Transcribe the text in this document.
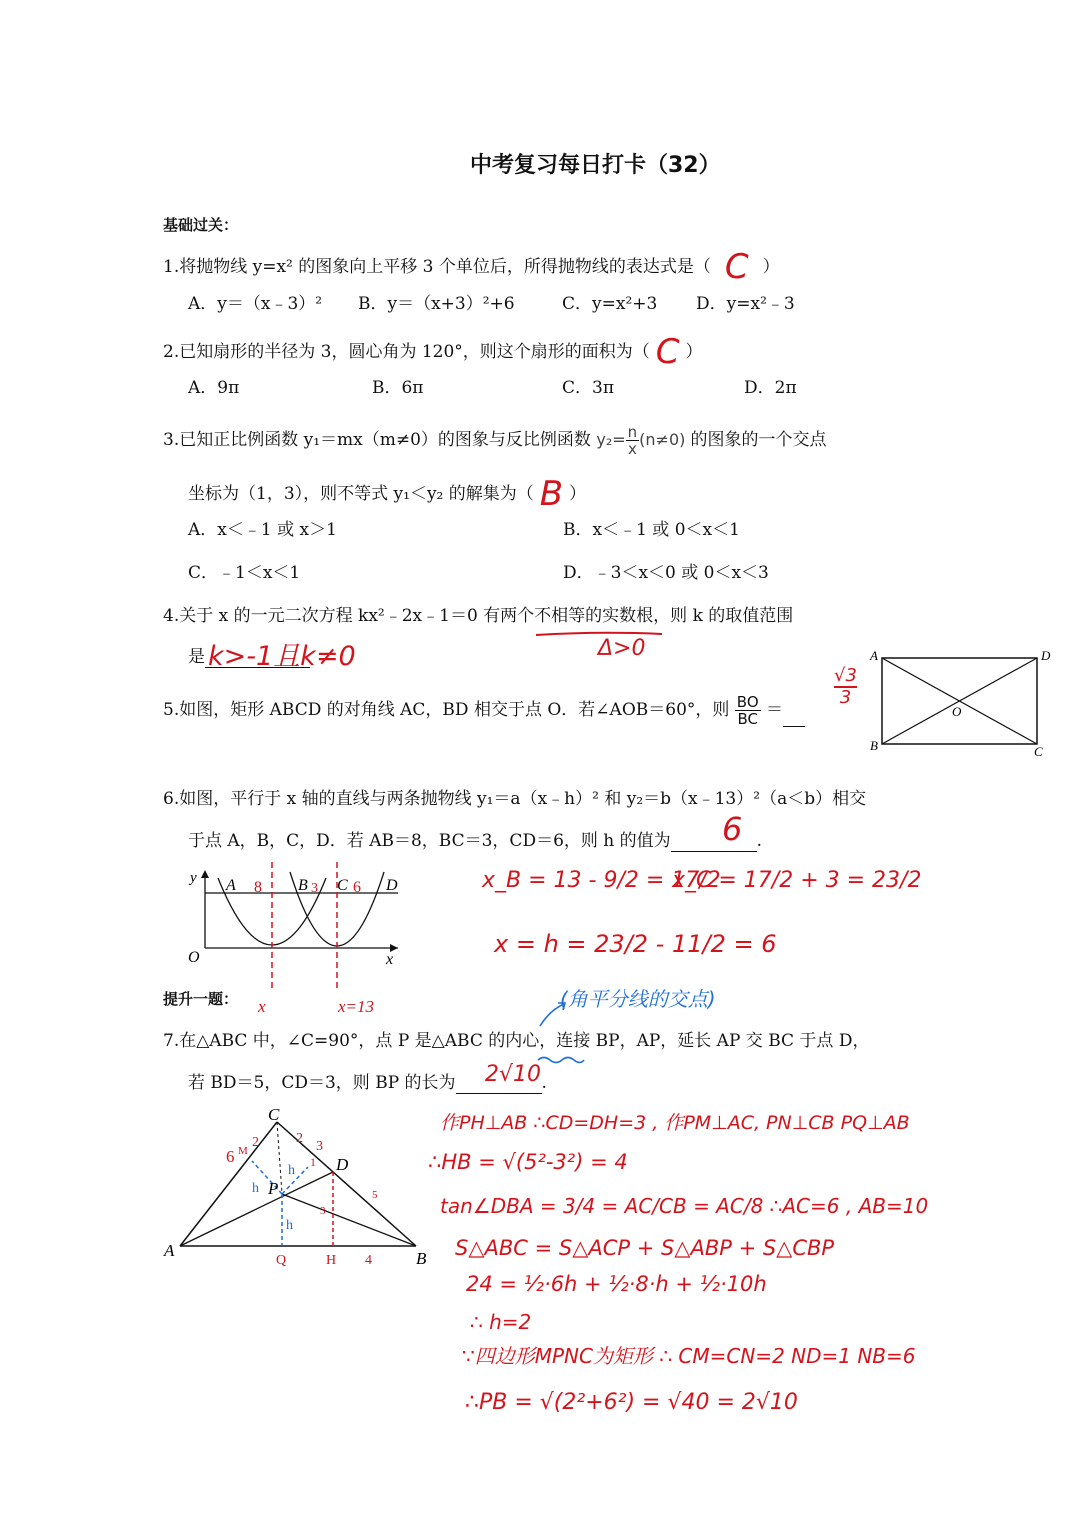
中考复习每日打卡（32）
基础过关：
1.将抛物线 y=x² 的图象向上平移 3 个单位后，所得抛物线的表达式是（ C ）
A．y＝（x﹣3）² B．y＝（x+3）²+6	C．y=x²+3 D．y=x²﹣3
2.已知扇形的半径为 3，圆心角为 120°，则这个扇形的面积为（ C ）
A．9π	B．6π	C．3π	D．2π
3.已知正比例函数 y₁＝mx（m≠0）的图象与反比例函数 $y_2= \frac{n}{x} (n\ne 0)$ 的图象的一个交点
坐标为（1，3），则不等式 y₁＜y₂ 的解集为（ B ）
A．x＜﹣1 或 x＞1	B．x＜﹣1 或 0＜x＜1
C．﹣1＜x＜1	D．﹣3＜x＜0 或 0＜x＜3
4.关于 x 的一元二次方程 kx²﹣2x﹣1＝0 有两个不相等的实数根，则 k 的取值范围
是 k>-1且k≠0	Δ>0
5.如图，矩形 ABCD 的对角线 AC，BD 相交于点 O．若∠AOB＝60°，则 $\frac{BO}{BC}$ ＝
√3
3
A	D
B	C
O
6.如图，平行于 x 轴的直线与两条抛物线 y₁＝a（x﹣h）² 和 y₂＝b（x﹣13）²（a＜b）相交
于点 A，B，C，D．若 AB＝8，BC＝3，CD＝6，则 h 的值为	.
6
y A	B C D
O	x
8	3 6
x	x=13
x_B = 13 - 9/2 = 17/2
x_C = 17/2 + 3 = 23/2
x = h = 23/2 - 11/2 = 6
提升一题：	(角平分线的交点)
7.在△ABC 中，∠C=90°，点 P 是△ABC 的内心，连接 BP，AP，延长 AP 交 BC 于点 D，
若 BD＝5，CD＝3，则 BP 的长为	.
2√10
C
D
P
A	B
6 M
2	2
3
1
h
h
h
5
3
Q	H 4
作PH⊥AB ∴CD=DH=3 , 作PM⊥AC, PN⊥CB PQ⊥AB
∴HB = √(5²-3²) = 4
tan∠DBA = 3/4 = AC/CB = AC/8 ∴AC=6 , AB=10
S△ABC = S△ACP + S△ABP + S△CBP
24 = ½·6h + ½·8·h + ½·10h
∴ h=2
∵四边形MPNC为矩形 ∴ CM=CN=2 ND=1 NB=6
∴PB = √(2²+6²) = √40 = 2√10
